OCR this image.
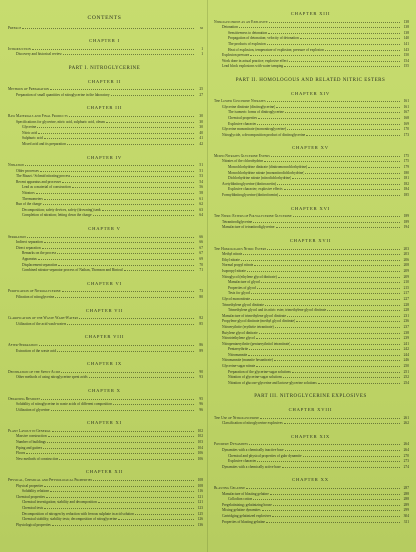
CONTENTS
Preface	xi
CHAPTER I
Introduction	1
Discovery and historical review	1
PART I. NITROGLYCERINE
CHAPTER II
Methods of Preparation	25
Preparation of small quantities of nitroglycerine in the laboratory	27
CHAPTER III
Raw Materials and Final Products	30
Specifications for glycerine, nitric acid, sulphuric acid, oleum	30
Glycerine	30
Nitric acid	40
Sulphuric acid	41
Mixed acid and its preparation	42
CHAPTER IV
Nitration	51
Older processes	51
The Biazzi / Schmid nitrating process	53
Recent apparatus and processes	54
Lead as a material of construction	56
Nitrators	58
Thermometers	61
Run of the charge	62
Decomposition; safety devices, safety (drowning) tank	63
Completion of nitration; letting down the charge	64
CHAPTER V
Separation	66
Indirect separation	66
Direct separation	67
Remarks on the process	67
Apparatus	69
Displacement separation	70
Combined nitrator-separator process of Nathan, Thomson and Rintoul	71
CHAPTER VI
Purification of Nitroglycerine	73
Filtration of nitroglycerine	80
CHAPTER VII
Clarification of the Waste Wash-Waters	82
Utilization of the acid wash-waters	85
CHAPTER VIII
After-Separation	86
Extraction of the waste acid	89
CHAPTER IX
Denitration of the Spent Acids	90
Other methods of using nitroglycerine spent acids	93
CHAPTER X
Obtaining Residues	95
Solubility of nitroglycerine in waste acids of different composition	96
Utilization of glycerine	96
CHAPTER XI
Plant Layout in General	102
Massive construction	102
Number of buildings	103
Piping and gutters	104
Floors	106
New methods of construction	106
CHAPTER XII
Physical, Chemical and Physiological Properties	108
Physical properties	108
Solubility relations	116
Chemical properties	121
Chemical investigation; stability and decomposition	121
Chemical tests	123
Decomposition of nitrogen by reduction with ferrous sulphate in acid solution	125
Chemical stability; stability tests; decomposition of nitroglycerine	126
Physiological properties	136
CHAPTER XIII
Nitroglycerine as an Explosive	138
Detonation	138
Sensitiveness to detonation	138
Propagation of detonation; velocity of detonation	140
The products of explosion	141
Heat of explosion, temperature of explosion; pressure of explosion	143
Explosion pressure	150
Work done in actual practice; explosive effect	154
Lead block explosions with water tamping	155
PART II. HOMOLOGOUS AND RELATED NITRIC ESTERS
CHAPTER XIV
The Lower Glycerine Nitrates	161
Glycerine dinitrate (dinitroglycerine)	161
The isomeric forms of dinitroglycerine	167
Chemical properties	168
Explosive character	169
Glycerine mononitrate (mononitroglycerine)	170
Nitroglycide, a decomposition product of dinitroglycerine	173
CHAPTER XV
Mixed Nitrates Glycerine Esters	175
Nitrates of the chlorohydrins	175
Monochlorhydrine dinitrate (dinitromonochlorhydrine)	179
Monochlorhydrine nitrate (mononitrodichlorhydrine)	180
Dichlorhydrine nitrate (nitrodichlorhydrine)	181
Acetyldinitroglycerine (dinitroacetin)	182
Explosive character; explosive effects	184
Formyldinitroglycerine (dinitroformin)	185
CHAPTER XVI
The Nitric Esters of Polyglycerine Glycerine	189
Tetranitrodiglycerine	189
Manufacture of tetranitrodiglycerine	194
CHAPTER XVII
The Homologous Nitric Esters	203
Methyl nitrate	203
Ethyl nitrate	206
Normal propyl nitrate	208
Isopropyl nitrate	209
Nitroglycol (ethylene glycol dinitrate)	209
Manufacture of glycol	210
Properties of glycol	215
Tests for glycol	217
Glycol mononitrate	227
Trimethylene glycol dinitrate	228
Trimethylene glycol and its nitric ester, trimethylene glycol dinitrate	228
Manufacture of trimethylene glycol dinitrate	231
Propylene glycol dinitrate (methyl glycol dinitrate)	236
Nitroerythrite (erythrite tetranitrate)	237
Butylene glycol dinitrate	238
Nitrotriethylene glycol	239
Nitropentaerythrite (pentaerythritol tetranitrate)	241
Pentaerythrite	242
Nitromannite	244
Nitromannite (mannite hexanitrate)	246
Glycerine-sugar nitrate	250
Preparation of the glycerine-sugar solutions	251
Nitration of glycerine-sugar solutions	252
Nitration of glucose-glycerine and lactose-glycerine solutions	254
PART III. NITROGLYCERINE EXPLOSIVES
CHAPTER XVIII
The Use of Nitroglycerine	261
Classification of nitroglycerine explosives	262
CHAPTER XIX
Powdery Dynamites	264
Dynamites with a chemically inactive base	264
Chemical and physical properties of guhr dynamite	270
Explosive character	273
Dynamites with a chemically active base	274
CHAPTER XX
Blasting Gelatine	287
Manufacture of blasting gelatine	288
Collodion cotton	288
Pregelatinizing; gelatinizing house	289
Mixing gelatine dynamites	299
Cartridging gelatinized explosives	304
Properties of blasting gelatine	311
